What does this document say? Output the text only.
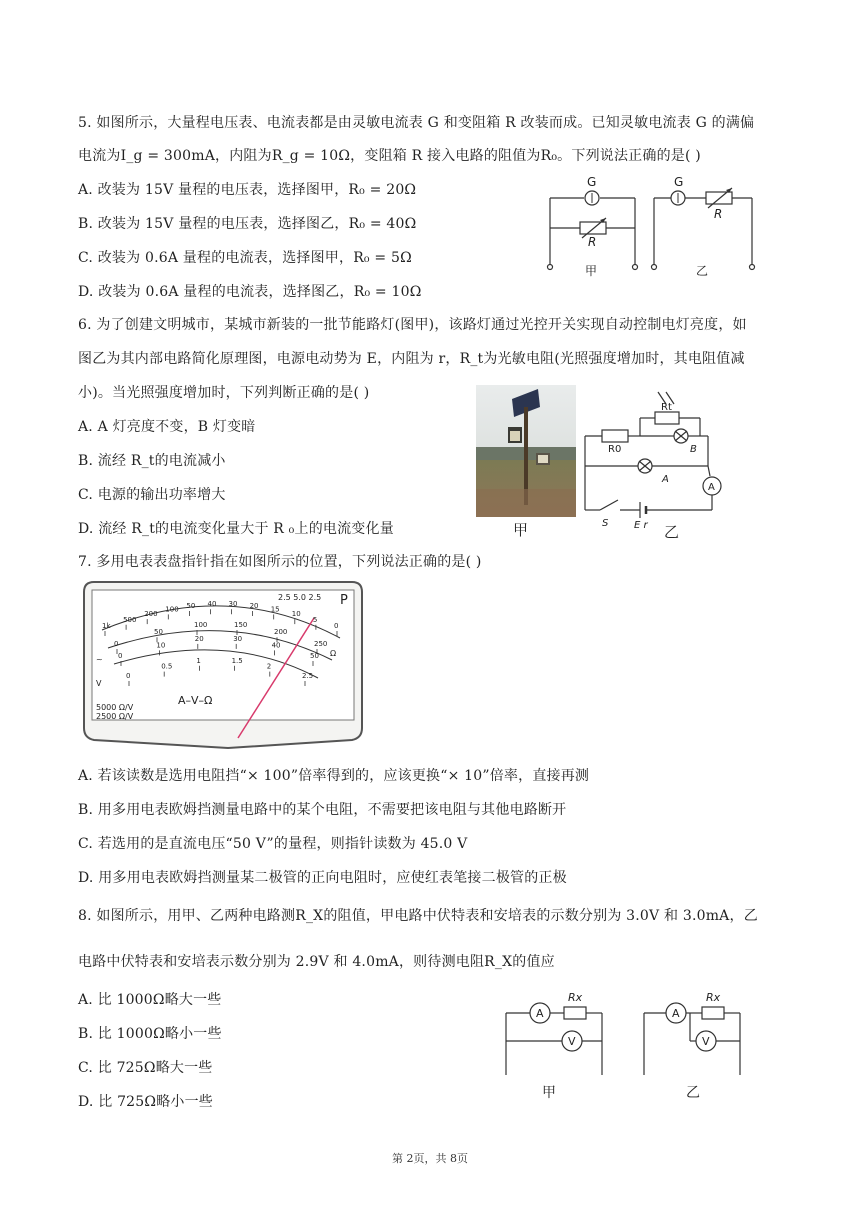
5. 如图所示，大量程电压表、电流表都是由灵敏电流表 G 和变阻箱 R 改装而成。已知灵敏电流表 G 的满偏
电流为I_g = 300mA，内阻为R_g = 10Ω，变阻箱 R 接入电路的阻值为R₀。下列说法正确的是( )
A. 改装为 15V 量程的电压表，选择图甲，R₀ = 20Ω
B. 改装为 15V 量程的电压表，选择图乙，R₀ = 40Ω
C. 改装为 0.6A 量程的电流表，选择图甲，R₀ = 5Ω
D. 改装为 0.6A 量程的电流表，选择图乙，R₀ = 10Ω
G	G
R
R
甲	乙
6. 为了创建文明城市，某城市新装的一批节能路灯(图甲)，该路灯通过光控开关实现自动控制电灯亮度，如
图乙为其内部电路简化原理图，电源电动势为 E，内阻为 r，R_t为光敏电阻(光照强度增加时，其电阻值减
小)。当光照强度增加时，下列判断正确的是( )
A. A 灯亮度不变，B 灯变暗
B. 流经 R_t的电流减小
C. 电源的输出功率增大
D. 流经 R_t的电流变化量大于 R ₀上的电流变化量
Rt
R0	B
A
A
S	E r
甲	乙
7. 多用电表表盘指针指在如图所示的位置，下列说法正确的是( )
2.5 5.0 2.5 P
A–V–Ω
5000 Ω/V
2500 Ω/V
Ω
V
~
1k
500
200
100 50 40 30 20 15
10
5
0
0
50
100	150
200
250
0
10
20	30
40
50
0
0.5
1	1.5
2
2.5
A. 若该读数是选用电阻挡“× 100”倍率得到的，应该更换“× 10”倍率，直接再测
B. 用多用电表欧姆挡测量电路中的某个电阻，不需要把该电阻与其他电路断开
C. 若选用的是直流电压“50 V”的量程，则指针读数为 45.0 V
D. 用多用电表欧姆挡测量某二极管的正向电阻时，应使红表笔接二极管的正极
8. 如图所示，用甲、乙两种电路测R_X的阻值，甲电路中伏特表和安培表的示数分别为 3.0V 和 3.0mA，乙
电路中伏特表和安培表示数分别为 2.9V 和 4.0mA，则待测电阻R_X的值应
A. 比 1000Ω略大一些
B. 比 1000Ω略小一些
C. 比 725Ω略大一些
D. 比 725Ω略小一些
A
V
Rx
A
V
Rx
甲	乙
第 2页，共 8页
